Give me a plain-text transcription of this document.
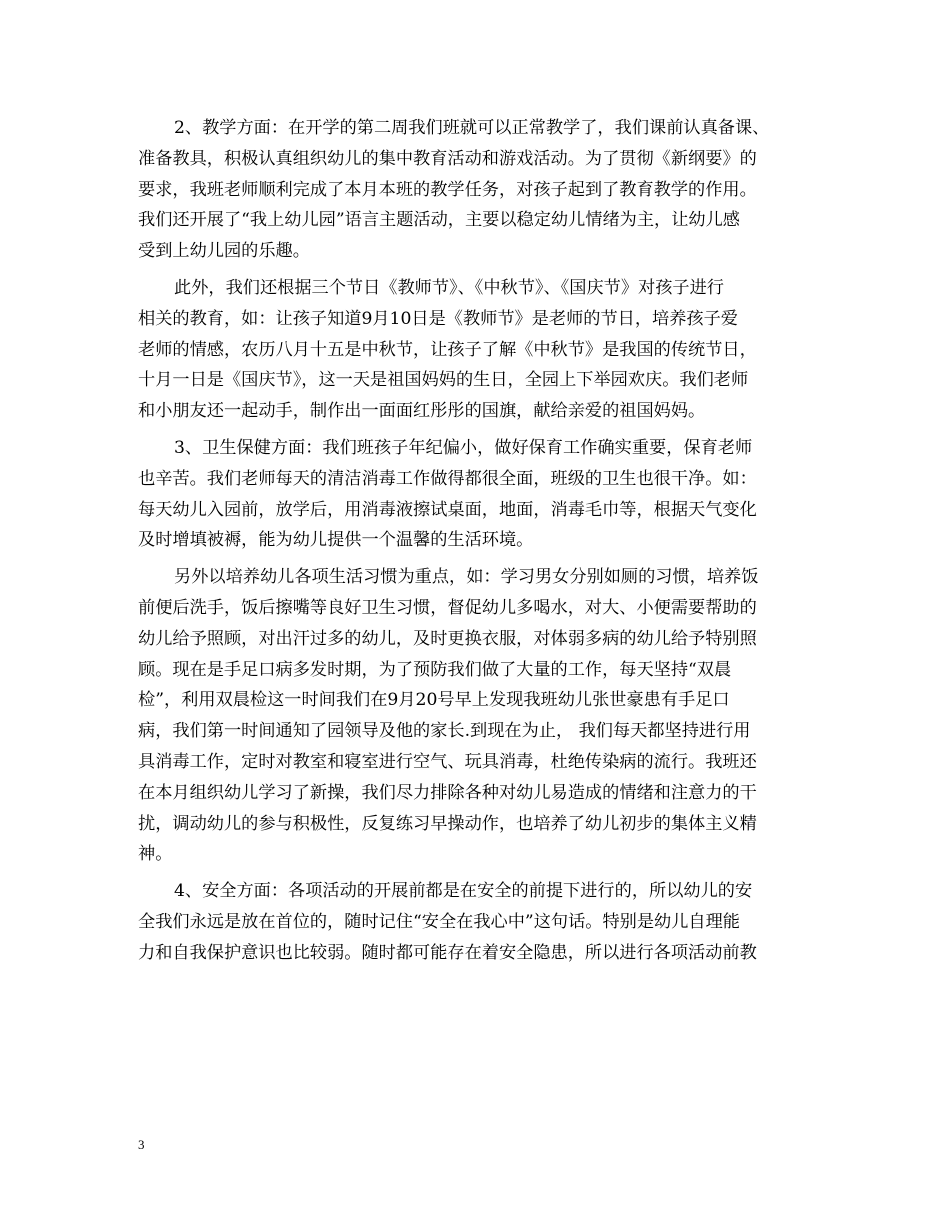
2、教学方面：在开学的第二周我们班就可以正常教学了，我们课前认真备课、
准备教具，积极认真组织幼儿的集中教育活动和游戏活动。为了贯彻《新纲要》的
要求，我班老师顺利完成了本月本班的教学任务，对孩子起到了教育教学的作用。
我们还开展了“我上幼儿园”语言主题活动，主要以稳定幼儿情绪为主，让幼儿感
受到上幼儿园的乐趣。

此外，我们还根据三个节日《教师节》、《中秋节》、《国庆节》对孩子进行
相关的教育，如：让孩子知道9月10日是《教师节》是老师的节日，培养孩子爱
老师的情感，农历八月十五是中秋节，让孩子了解《中秋节》是我国的传统节日，
十月一日是《国庆节》，这一天是祖国妈妈的生日，全园上下举园欢庆。我们老师
和小朋友还一起动手，制作出一面面红彤彤的国旗，献给亲爱的祖国妈妈。

3、卫生保健方面：我们班孩子年纪偏小，做好保育工作确实重要，保育老师
也辛苦。我们老师每天的清洁消毒工作做得都很全面，班级的卫生也很干净。如：
每天幼儿入园前，放学后，用消毒液擦试桌面，地面，消毒毛巾等，根据天气变化
及时增填被褥，能为幼儿提供一个温馨的生活环境。

另外以培养幼儿各项生活习惯为重点，如：学习男女分别如厕的习惯，培养饭
前便后洗手，饭后擦嘴等良好卫生习惯，督促幼儿多喝水，对大、小便需要帮助的
幼儿给予照顾，对出汗过多的幼儿，及时更换衣服，对体弱多病的幼儿给予特别照
顾。现在是手足口病多发时期，为了预防我们做了大量的工作，每天坚持“双晨
检”，利用双晨检这一时间我们在9月20号早上发现我班幼儿张世豪患有手足口
病，我们第一时间通知了园领导及他的家长.到现在为止， 我们每天都坚持进行用
具消毒工作，定时对教室和寝室进行空气、玩具消毒，杜绝传染病的流行。我班还
在本月组织幼儿学习了新操，我们尽力排除各种对幼儿易造成的情绪和注意力的干
扰，调动幼儿的参与积极性，反复练习早操动作，也培养了幼儿初步的集体主义精
神。

4、安全方面：各项活动的开展前都是在安全的前提下进行的，所以幼儿的安
全我们永远是放在首位的，随时记住“安全在我心中”这句话。特别是幼儿自理能
力和自我保护意识也比较弱。随时都可能存在着安全隐患，所以进行各项活动前教

3
